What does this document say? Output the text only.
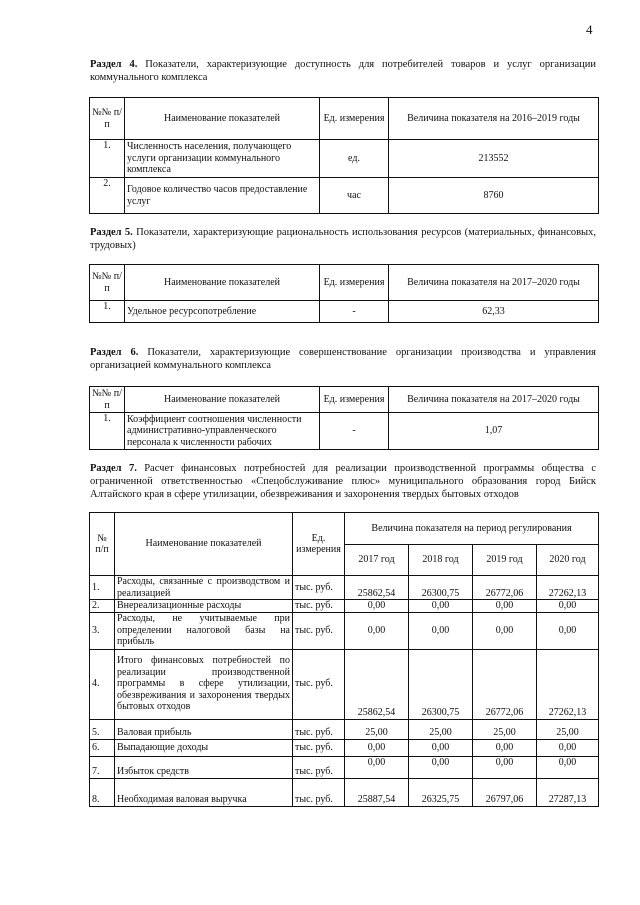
4
Раздел 4. Показатели, характеризующие доступность для потребителей товаров и услуг организации коммунального комплекса
№№ п/п	Наименование показателей	Ед. измерения	Величина показателя на 2016–2019 годы
1.	Численность населения, получающего услуги организации коммунального комплекса	ед.	213552
2.	Годовое количество часов предоставление услуг	час	8760
Раздел 5. Показатели, характеризующие рациональность использования ресурсов (материальных, финансовых, трудовых)
№№ п/п	Наименование показателей	Ед. измерения	Величина показателя на 2017–2020 годы
1.	Удельное ресурсопотребление	-	62,33
Раздел 6. Показатели, характеризующие совершенствование организации производства и управления организацией коммунального комплекса
№№ п/п	Наименование показателей	Ед. измерения	Величина показателя на 2017–2020 годы
1.	Коэффициент соотношения численности административно-управленческого персонала к численности рабочих	-	1,07
Раздел 7. Расчет финансовых потребностей для реализации производственной программы общества с ограниченной ответственностью «Спецобслуживание плюс» муниципального образования город Бийск Алтайского края в сфере утилизации, обезвреживания и захоронения твердых бытовых отходов
№ п/п	Наименование показателей	Ед. измерения	Величина показателя на период регулирования			
			2017 год	2018 год	2019 год	2020 год
1.	Расходы, связанные с производством и реализацией	тыс. руб.	25862,54	26300,75	26772,06	27262,13
2.	Внереализационные расходы	тыс. руб.	0,00	0,00	0,00	0,00
3.	Расходы, не учитываемые при определении налоговой базы на прибыль	тыс. руб.	0,00	0,00	0,00	0,00
4.	Итого финансовых потребностей по реализации производственной программы в сфере утилизации, обезвреживания и захоронения твердых бытовых отходов	тыс. руб.	25862,54	26300,75	26772,06	27262,13
5.	Валовая прибыль	тыс. руб.	25,00	25,00	25,00	25,00
6.	Выпадающие доходы	тыс. руб.	0,00	0,00	0,00	0,00
7.	Избыток средств	тыс. руб.	0,00	0,00	0,00	0,00
8.	Необходимая валовая выручка	тыс. руб.	25887,54	26325,75	26797,06	27287,13
